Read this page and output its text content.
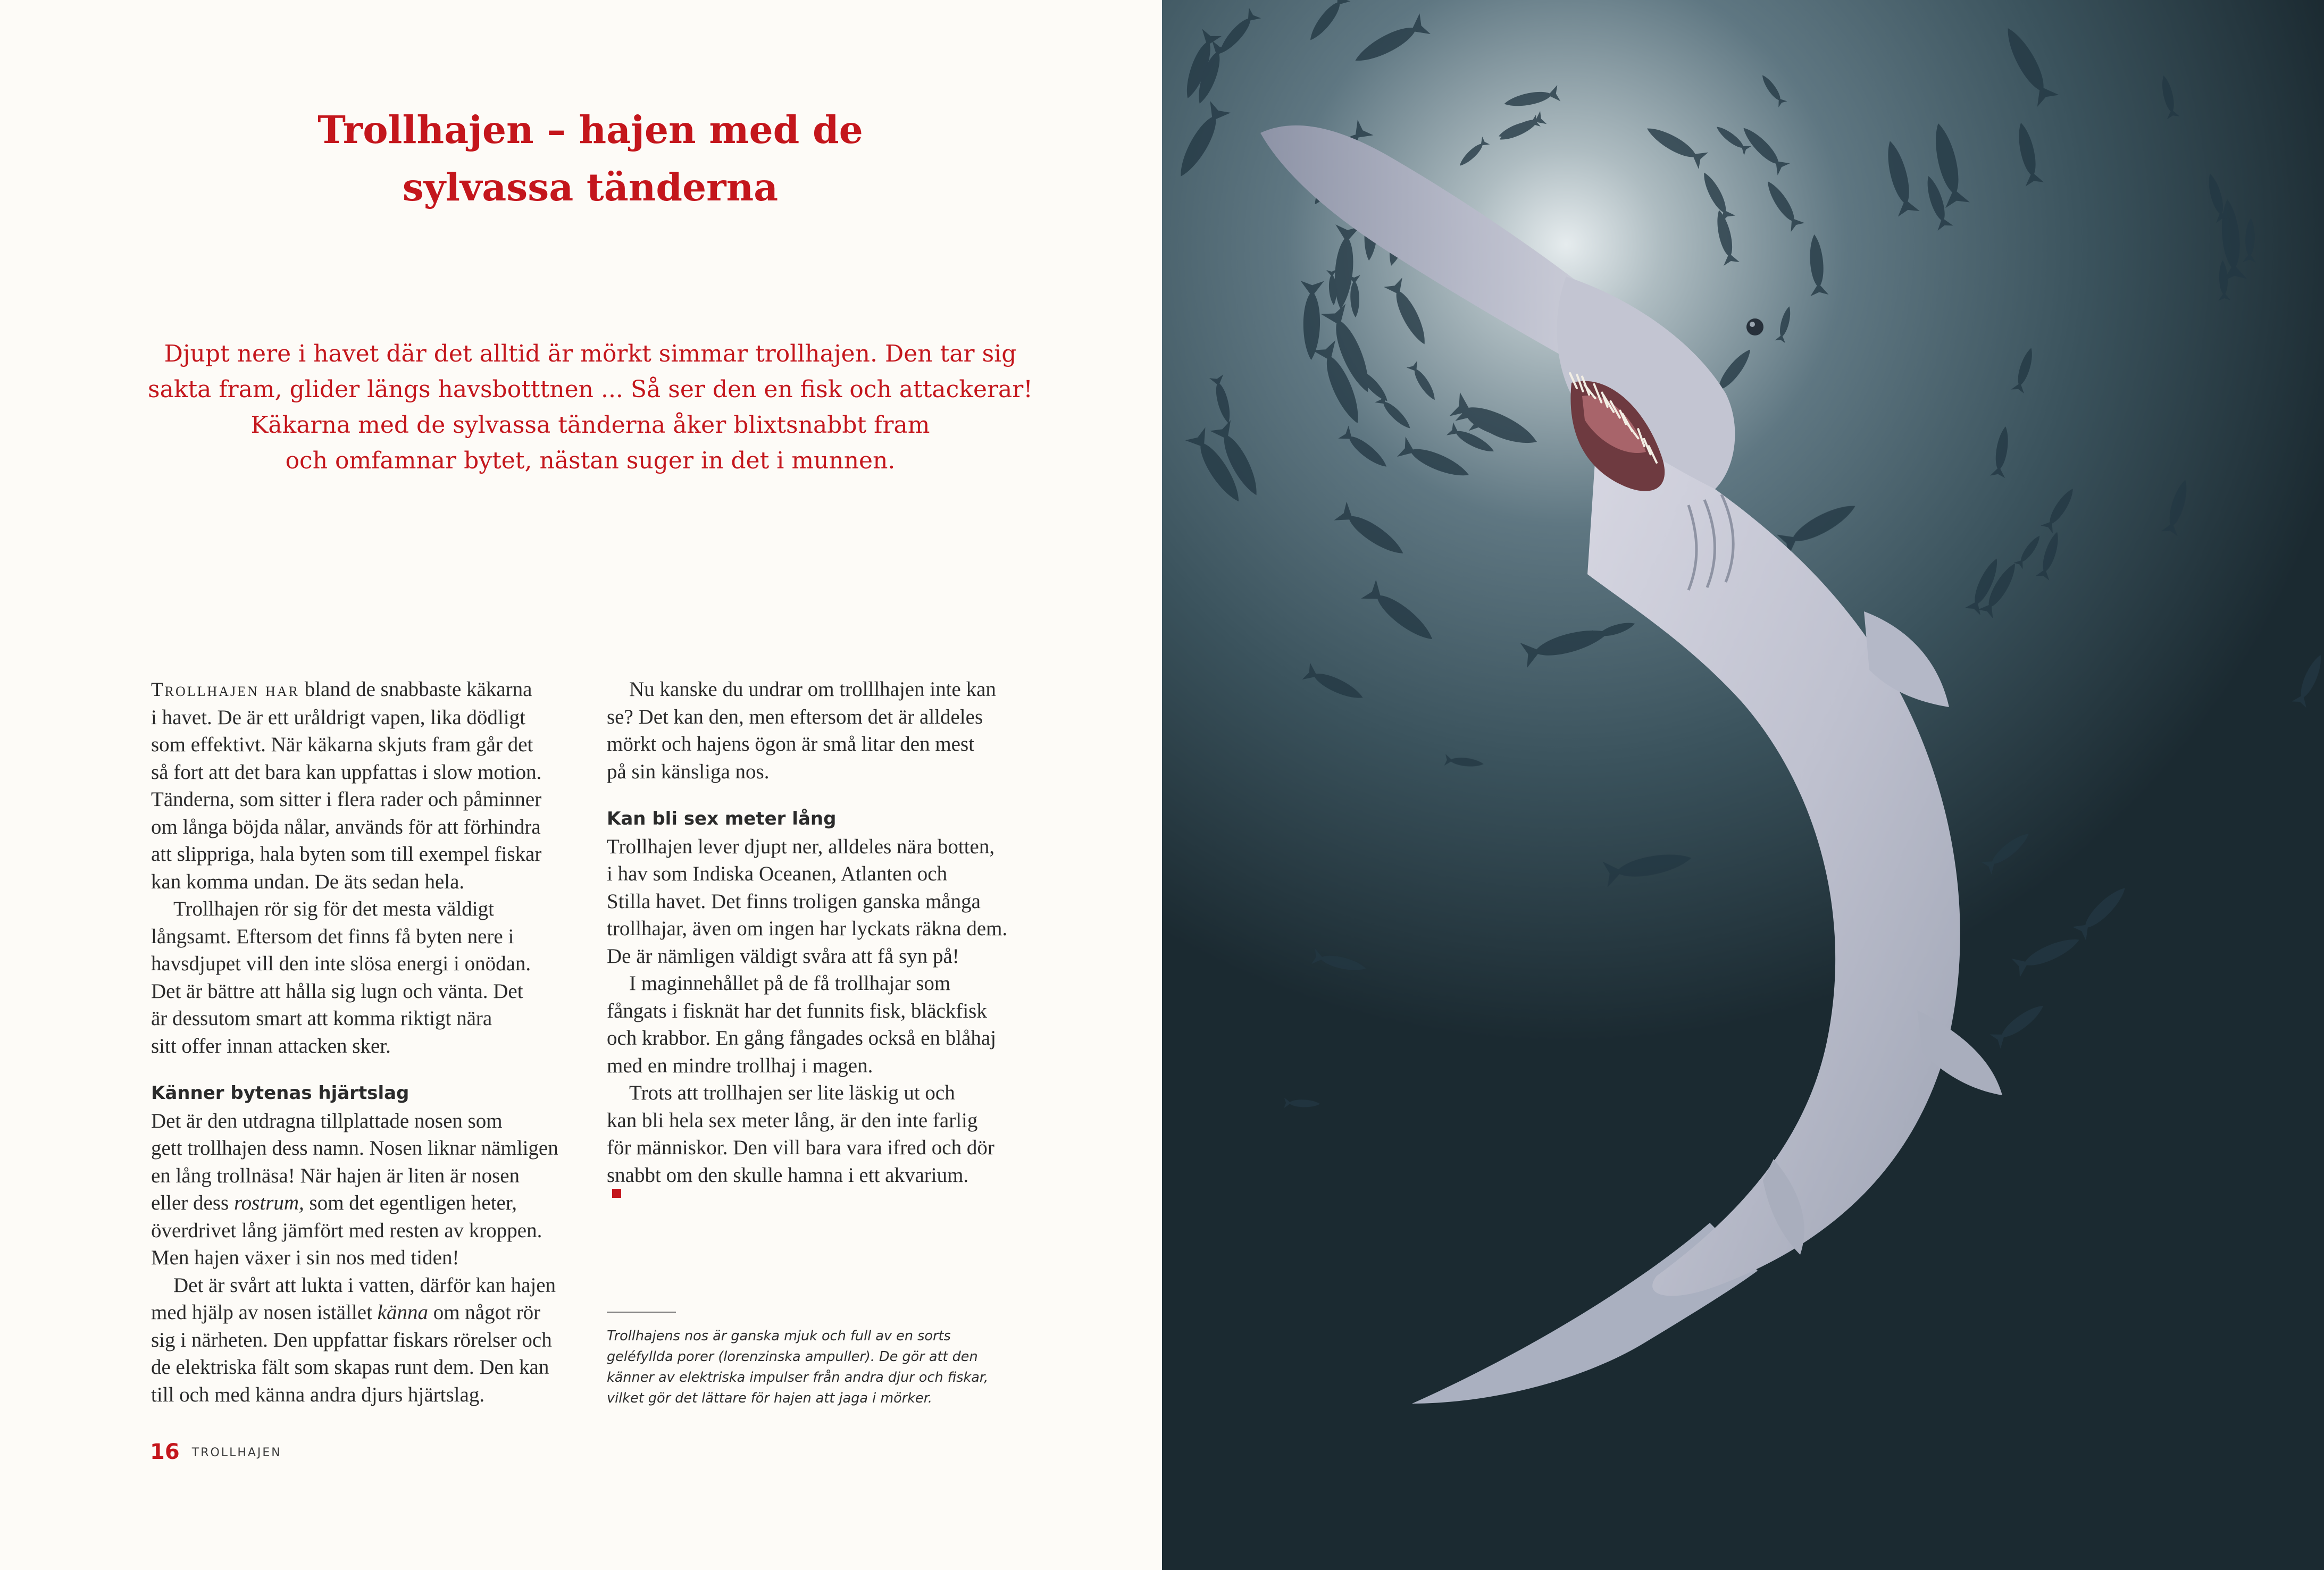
Trollhajen – hajen med de
sylvassa tänderna

Djupt nere i havet där det alltid är mörkt simmar trollhajen. Den tar sig
sakta fram, glider längs havsbotttnen ... Så ser den en fisk och attackerar!
Käkarna med de sylvassa tänderna åker blixtsnabbt fram
och omfamnar bytet, nästan suger in det i munnen.

Trollhajen har bland de snabbaste käkarna
i havet. De är ett uråldrigt vapen, lika dödligt
som effektivt. När käkarna skjuts fram går det
så fort att det bara kan uppfattas i slow motion.
Tänderna, som sitter i flera rader och påminner
om långa böjda nålar, används för att förhindra
att slippriga, hala byten som till exempel fiskar
kan komma undan. De äts sedan hela.
Trollhajen rör sig för det mesta väldigt
långsamt. Eftersom det finns få byten nere i
havsdjupet vill den inte slösa energi i onödan.
Det är bättre att hålla sig lugn och vänta. Det
är dessutom smart att komma riktigt nära
sitt offer innan attacken sker.
Känner bytenas hjärtslag
Det är den utdragna tillplattade nosen som
gett trollhajen dess namn. Nosen liknar nämligen
en lång trollnäsa! När hajen är liten är nosen
eller dess rostrum, som det egentligen heter,
överdrivet lång jämfört med resten av kroppen.
Men hajen växer i sin nos med tiden!
Det är svårt att lukta i vatten, därför kan hajen
med hjälp av nosen istället känna om något rör
sig i närheten. Den uppfattar fiskars rörelser och
de elektriska fält som skapas runt dem. Den kan
till och med känna andra djurs hjärtslag.
Nu kanske du undrar om trolllhajen inte kan
se? Det kan den, men eftersom det är alldeles
mörkt och hajens ögon är små litar den mest
på sin känsliga nos.
Kan bli sex meter lång
Trollhajen lever djupt ner, alldeles nära botten,
i hav som Indiska Oceanen, Atlanten och
Stilla havet. Det finns troligen ganska många
trollhajar, även om ingen har lyckats räkna dem.
De är nämligen väldigt svåra att få syn på!
I maginnehållet på de få trollhajar som
fångats i fisknät har det funnits fisk, bläckfisk
och krabbor. En gång fångades också en blåhaj
med en mindre trollhaj i magen.
Trots att trollhajen ser lite läskig ut och
kan bli hela sex meter lång, är den inte farlig
för människor. Den vill bara vara ifred och dör
snabbt om den skulle hamna i ett akvarium.
Trollhajens nos är ganska mjuk och full av en sorts
geléfyllda porer (lorenzinska ampuller). De gör att den
känner av elektriska impulser från andra djur och fiskar,
vilket gör det lättare för hajen att jaga i mörker.
16 TROLLHAJEN
